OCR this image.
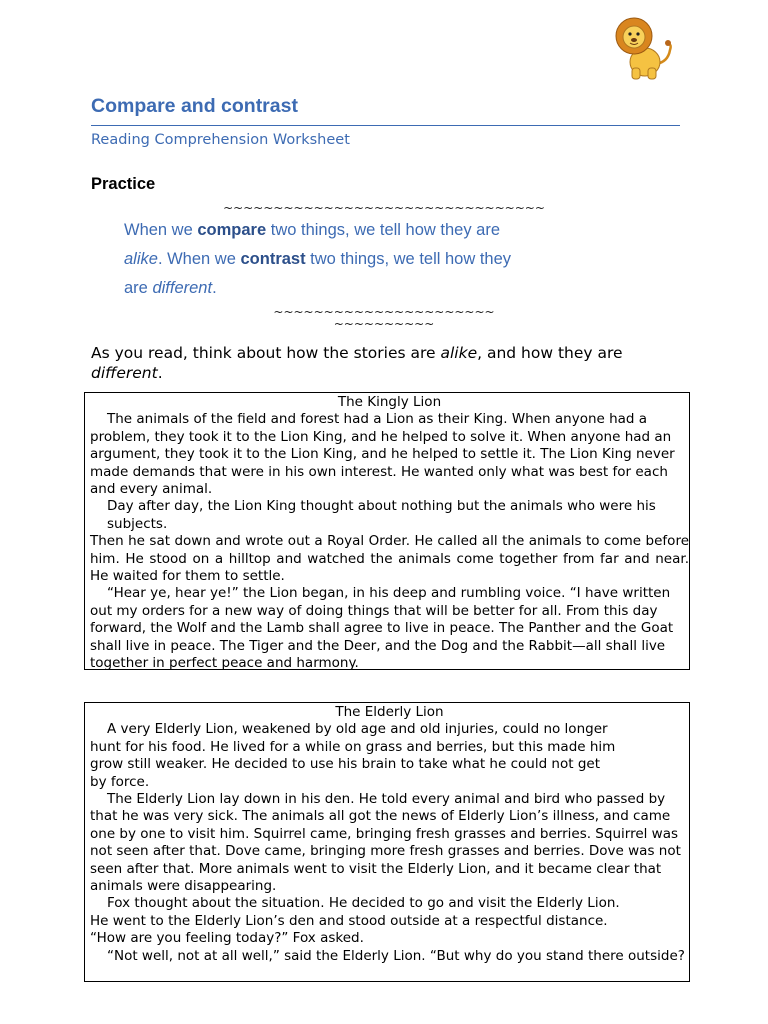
Compare and contrast
Reading Comprehension Worksheet
Practice
~~~~~~~~~~~~~~~~~~~~~~~~~~~~~~~~
When we compare two things, we tell how they are
alike. When we contrast two things, we tell how they
are different.
~~~~~~~~~~~~~~~~~~~~~~
~~~~~~~~~~
As you read, think about how the stories are alike, and how they are
different.
The Kingly Lion

The animals of the field and forest had a Lion as their King. When anyone had a problem, they took it to the Lion King, and he helped to solve it. When anyone had an argument, they took it to the Lion King, and he helped to settle it. The Lion King never made demands that were in his own interest. He wanted only what was best for each and every animal.

Day after day, the Lion King thought about nothing but the animals who were his subjects.

Then he sat down and wrote out a Royal Order. He called all the animals to come before him. He stood on a hilltop and watched the animals come together from far and near. He waited for them to settle.

“Hear ye, hear ye!” the Lion began, in his deep and rumbling voice. “I have written out my orders for a new way of doing things that will be better for all. From this day forward, the Wolf and the Lamb shall agree to live in peace. The Panther and the Goat shall live in peace. The Tiger and the Deer, and the Dog and the Rabbit—all shall live together in perfect peace and harmony.

The Elderly Lion
A very Elderly Lion, weakened by old age and old injuries, could no longer
hunt for his food. He lived for a while on grass and berries, but this made him
grow still weaker. He decided to use his brain to take what he could not get
by force.

The Elderly Lion lay down in his den. He told every animal and bird who passed by that he was very sick. The animals all got the news of Elderly Lion’s illness, and came one by one to visit him. Squirrel came, bringing fresh grasses and berries. Squirrel was not seen after that. Dove came, bringing more fresh grasses and berries. Dove was not seen after that. More animals went to visit the Elderly Lion, and it became clear that animals were disappearing.

Fox thought about the situation. He decided to go and visit the Elderly Lion.

He went to the Elderly Lion’s den and stood outside at a respectful distance.

“How are you feeling today?” Fox asked.

“Not well, not at all well,” said the Elderly Lion. “But why do you stand there outside?
